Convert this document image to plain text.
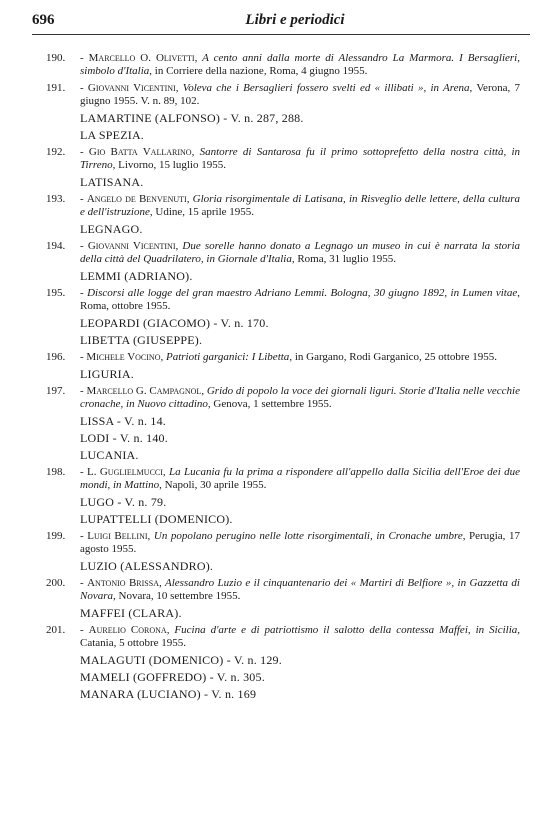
696	Libri e periodici
190.	- Marcello O. Olivetti, A cento anni dalla morte di Alessandro La Marmora. I Bersaglieri, simbolo d'Italia, in Corriere della nazione, Roma, 4 giugno 1955.
191.	- Giovanni Vicentini, Voleva che i Bersaglieri fossero svelti ed « illibati », in Arena, Verona, 7 giugno 1955. V. n. 89, 102.
LAMARTINE (ALFONSO) - V. n. 287, 288.
LA SPEZIA.
192.	- Gio Batta Vallarino, Santorre di Santarosa fu il primo sottoprefetto della nostra città, in Tirreno, Livorno, 15 luglio 1955.
LATISANA.
193.	- Angelo de Benvenuti, Gloria risorgimentale di Latisana, in Risveglio delle lettere, della cultura e dell'istruzione, Udine, 15 aprile 1955.
LEGNAGO.
194.	- Giovanni Vicentini, Due sorelle hanno donato a Legnago un museo in cui è narrata la storia della città del Quadrilatero, in Giornale d'Italia, Roma, 31 luglio 1955.
LEMMI (ADRIANO).
195.	- Discorsi alle logge del gran maestro Adriano Lemmi. Bologna, 30 giugno 1892, in Lumen vitae, Roma, ottobre 1955.
LEOPARDI (GIACOMO) - V. n. 170.
LIBETTA (GIUSEPPE).
196.	- Michele Vocino, Patrioti garganici: I Libetta, in Gargano, Rodi Garganico, 25 ottobre 1955.
LIGURIA.
197.	- Marcello G. Campagnol, Grido di popolo la voce dei giornali liguri. Storie d'Italia nelle vecchie cronache, in Nuovo cittadino, Genova, 1 settembre 1955.
LISSA - V. n. 14.
LODI - V. n. 140.
LUCANIA.
198.	- L. Guglielmucci, La Lucania fu la prima a rispondere all'appello dalla Sicilia dell'Eroe dei due mondi, in Mattino, Napoli, 30 aprile 1955.
LUGO - V. n. 79.
LUPATTELLI (DOMENICO).
199.	- Luigi Bellini, Un popolano perugino nelle lotte risorgimentali, in Cronache umbre, Perugia, 17 agosto 1955.
LUZIO (ALESSANDRO).
200.	- Antonio Brissa, Alessandro Luzio e il cinquantenario dei « Martiri di Belfiore », in Gazzetta di Novara, Novara, 10 settembre 1955.
MAFFEI (CLARA).
201.	- Aurelio Corona, Fucina d'arte e di patriottismo il salotto della contessa Maffei, in Sicilia, Catania, 5 ottobre 1955.
MALAGUTI (DOMENICO) - V. n. 129.
MAMELI (GOFFREDO) - V. n. 305.
MANARA (LUCIANO) - V. n. 169
